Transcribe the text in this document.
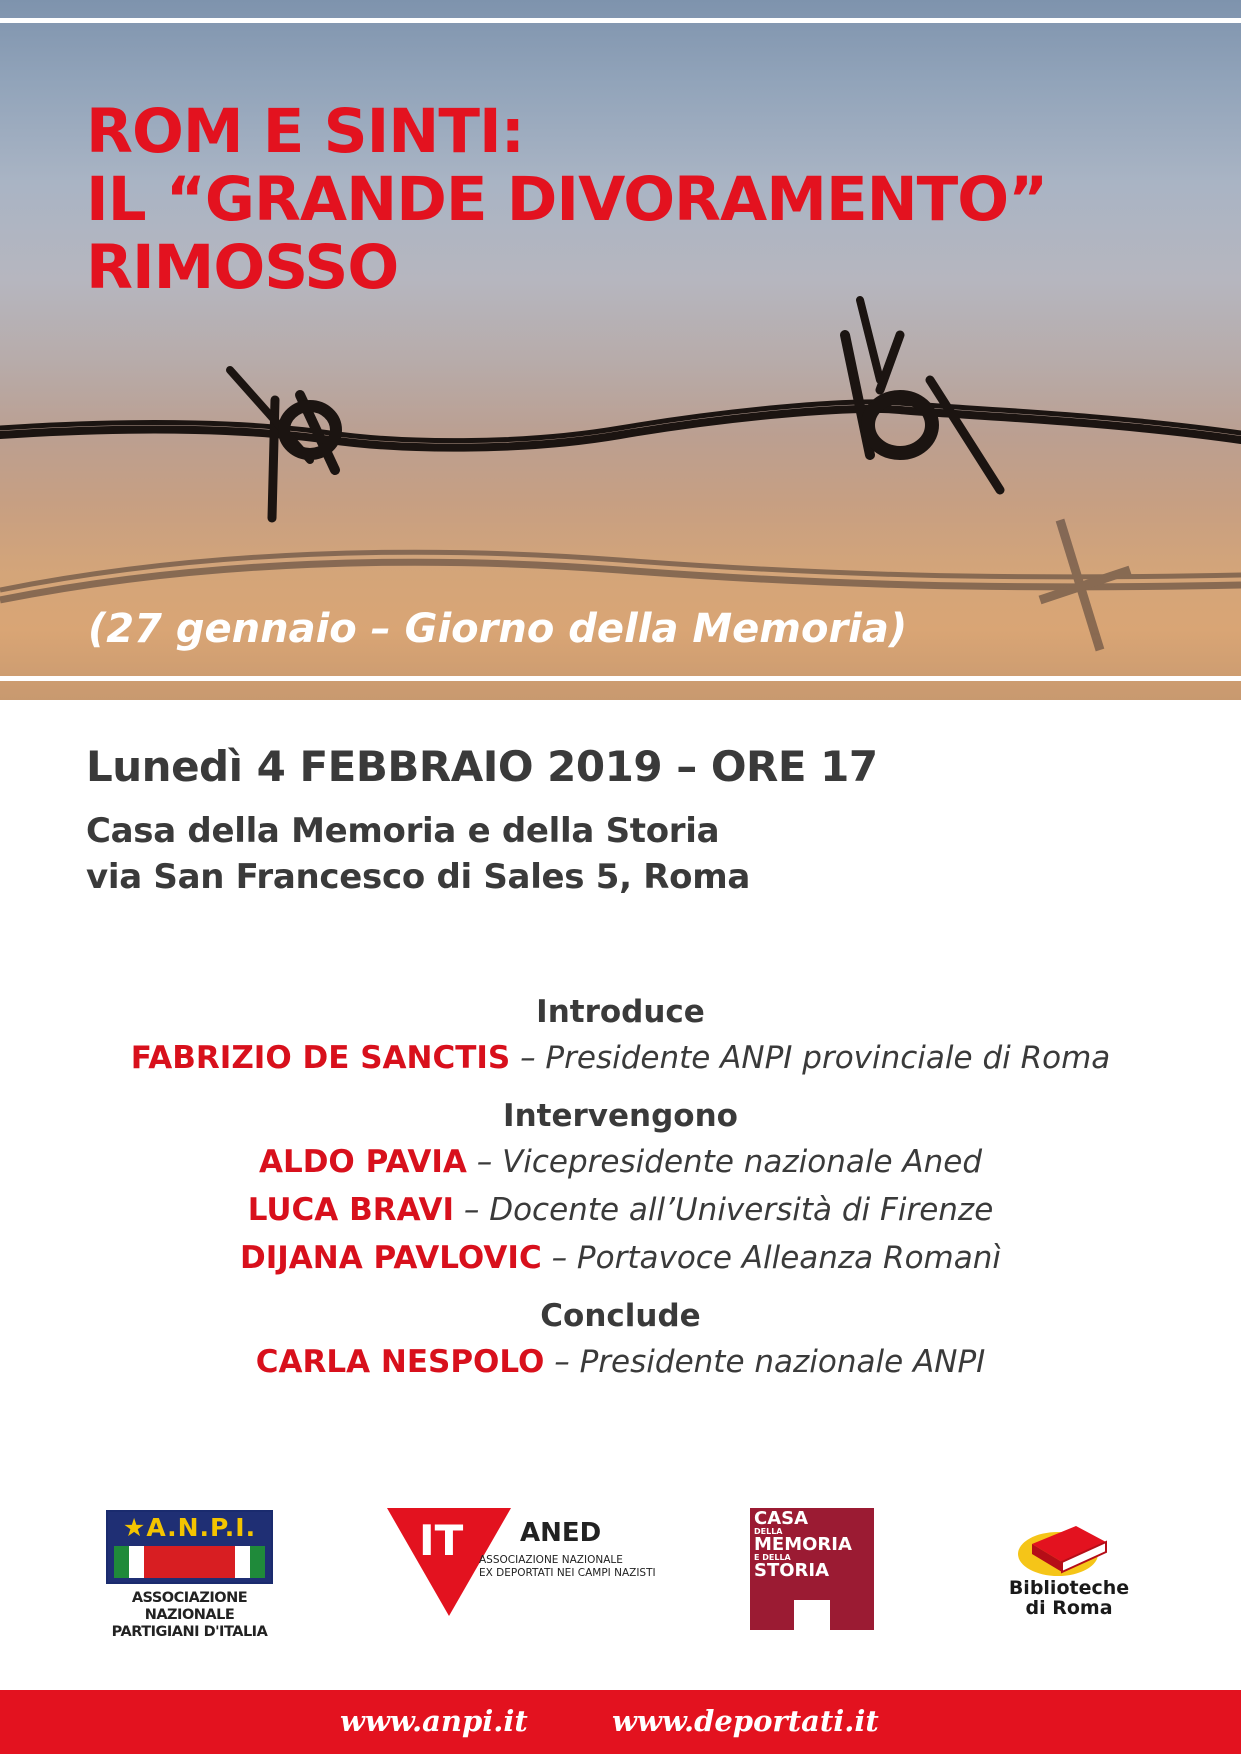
ROM E SINTI:
IL “GRANDE DIVORAMENTO”
RIMOSSO

(27 gennaio – Giorno della Memoria)

Lunedì 4 FEBBRAIO 2019 – ORE 17

Casa della Memoria e della Storia
via San Francesco di Sales 5, Roma

Introduce

FABRIZIO DE SANCTIS – Presidente ANPI provinciale di Roma

Intervengono

ALDO PAVIA – Vicepresidente nazionale Aned

LUCA BRAVI – Docente all’Università di Firenze

DIJANA PAVLOVIC – Portavoce Alleanza Romanì

Conclude

CARLA NESPOLO – Presidente nazionale ANPI

★A.N.P.I.
ASSOCIAZIONE NAZIONALE
PARTIGIANI D'ITALIA
IT ANED
ASSOCIAZIONE NAZIONALE
EX DEPORTATI NEI CAMPI NAZISTI
CASA
DELLA
MEMORIA
E DELLA
STORIA
Biblioteche
di Roma
www.anpi.it	www.deportati.it
